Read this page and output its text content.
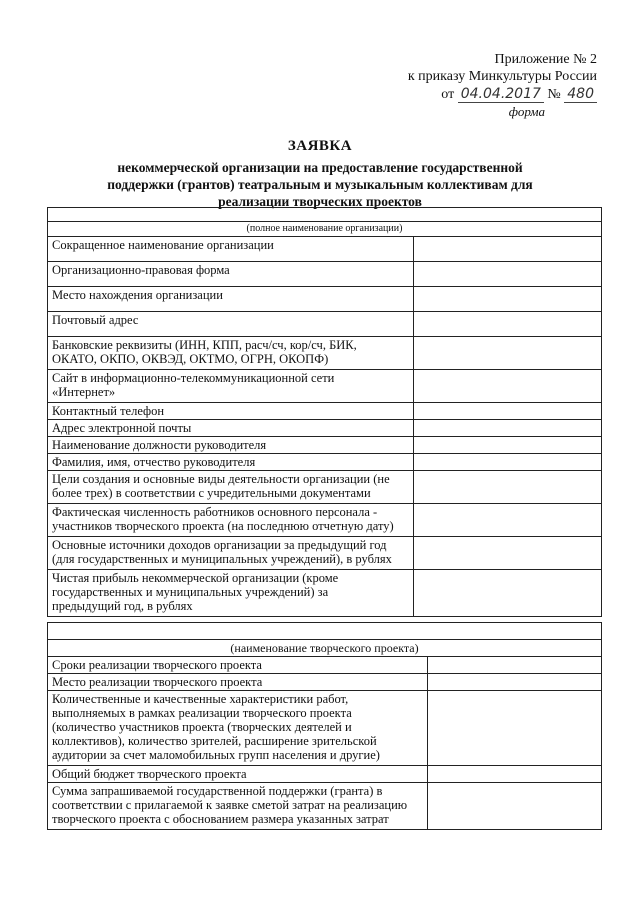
Приложение № 2
к приказу Минкультуры России
от 04.04.2017 № 480
форма
ЗАЯВКА
некоммерческой организации на предоставление государственной
поддержки (грантов) театральным и музыкальным коллективам для
реализации творческих проектов

(полное наименование организации)	

Сокращенное наименование организации	

Организационно-правовая форма	

Место нахождения организации	

Почтовый адрес	

Банковские реквизиты (ИНН, КПП, расч/сч, кор/сч, БИК,
ОКАТО, ОКПО, ОКВЭД, ОКТМО, ОГРН, ОКОПФ)	

Сайт в информационно-телекоммуникационной сети
«Интернет»	

Контактный телефон	

Адрес электронной почты	

Наименование должности руководителя	

Фамилия, имя, отчество руководителя	

Цели создания и основные виды деятельности организации (не
более трех) в соответствии с учредительными документами	

Фактическая численность работников основного персонала -
участников творческого проекта (на последнюю отчетную дату)	

Основные источники доходов организации за предыдущий год
(для государственных и муниципальных учреждений), в рублях	

Чистая прибыль некоммерческой организации (кроме
государственных и муниципальных учреждений) за
предыдущий год, в рублях	

(наименование творческого проекта)	

Сроки реализации творческого проекта	

Место реализации творческого проекта	

Количественные и качественные характеристики работ,
выполняемых в рамках реализации творческого проекта
(количество участников проекта (творческих деятелей и
коллективов), количество зрителей, расширение зрительской
аудитории за счет маломобильных групп населения и другие)	

Общий бюджет творческого проекта	

Сумма запрашиваемой государственной поддержки (гранта) в
соответствии с прилагаемой к заявке сметой затрат на реализацию
творческого проекта с обоснованием размера указанных затрат	
